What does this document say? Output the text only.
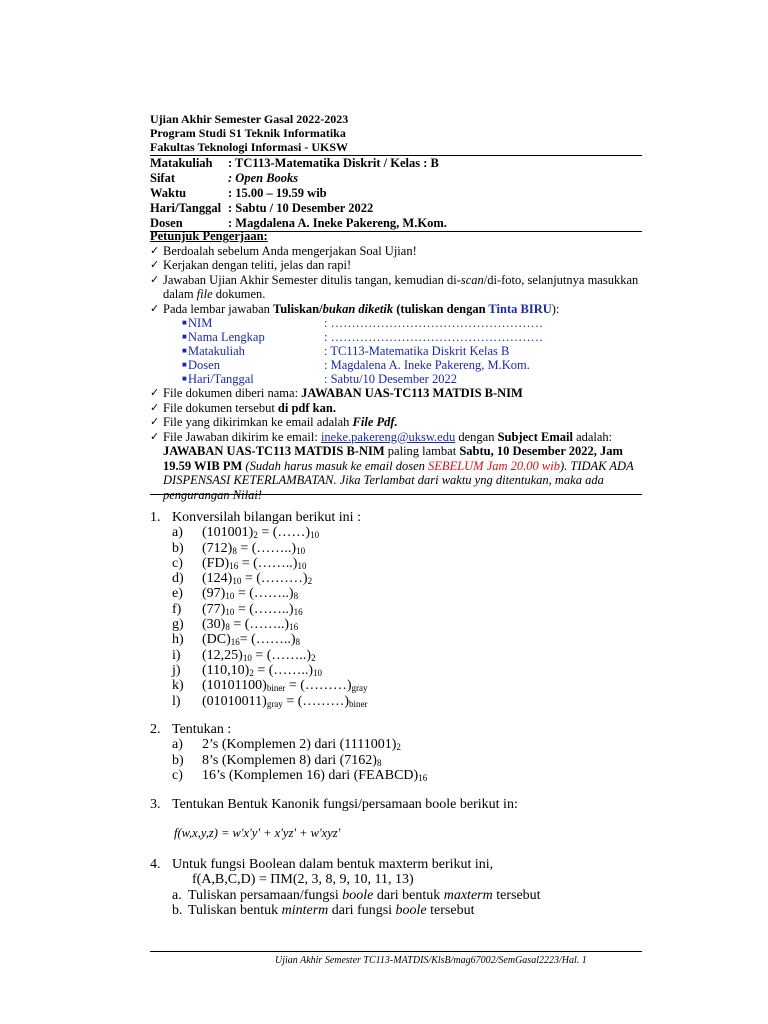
Ujian Akhir Semester Gasal 2022-2023
Program Studi S1 Teknik Informatika
Fakultas Teknologi Informasi - UKSW
Matakuliah : TC113-Matematika Diskrit / Kelas : B
Sifat	: Open Books
Waktu	: 15.00 – 19.59 wib
Hari/Tanggal : Sabtu / 10 Desember 2022
Dosen	: Magdalena A. Ineke Pakereng, M.Kom.
Petunjuk Pengerjaan:
✓ Berdoalah sebelum Anda mengerjakan Soal Ujian!
✓ Kerjakan dengan teliti, jelas dan rapi!
✓ Jawaban Ujian Akhir Semester ditulis tangan, kemudian di-scan/di-foto, selanjutnya masukkan dalam file dokumen.
✓ Pada lembar jawaban Tuliskan/bukan diketik (tuliskan dengan Tinta BIRU):
■ NIM	: ……………………………………………
■ Nama Lengkap	: ……………………………………………
■ Matakuliah	: TC113-Matematika Diskrit Kelas B
■ Dosen	: Magdalena A. Ineke Pakereng, M.Kom.
■ Hari/Tanggal	: Sabtu/10 Desember 2022
✓ File dokumen diberi nama: JAWABAN UAS-TC113 MATDIS B-NIM
✓ File dokumen tersebut di pdf kan.
✓ File yang dikirimkan ke email adalah File Pdf.
✓ File Jawaban dikirim ke email: ineke.pakereng@uksw.edu dengan Subject Email adalah:
JAWABAN UAS-TC113 MATDIS B-NIM paling lambat Sabtu, 10 Desember 2022, Jam 19.59 WIB PM (Sudah harus masuk ke email dosen SEBELUM Jam 20.00 wib). TIDAK ADA DISPENSASI KETERLAMBATAN. Jika Terlambat dari waktu yng ditentukan, maka ada pengurangan Nilai!
1. Konversilah bilangan berikut ini :
a) $(101001)_2$ = $(\dots\dots)_{10}$
b) $(712)_8$ = $(\dots\dots..)_{10}$
c) $(FD)_{16}$ = $(\dots\dots..)_{10}$
d) $(124)_{10}$ = $(\dots\dots\dots)_2$
e) $(97)_{10}$ = $(\dots\dots..)_8$
f) $(77)_{10}$ = $(\dots\dots..)_{16}$
g) $(30)_8$ = $(\dots\dots..)_{16}$
h) $(DC)_{16}=$ $(\dots\dots..)_8$
i) $(12,25)_{10}$ = $(\dots\dots..)_2$
j) $(110,10)_2$ = $(\dots\dots..)_{10}$
k) $(10101100)_{biner}$ = $(\dots\dots\dots)_{gray}$
l) $(01010011)_{gray}$ = $(\dots\dots\dots)_{biner}$
2. Tentukan :
a) 2’s (Komplemen 2) dari $(1111001)_2$
b) 8’s (Komplemen 8) dari $(7162)_8$
c) 16’s (Komplemen 16) dari $(FEABCD)_{16}$
3. Tentukan Bentuk Kanonik fungsi/persamaan boole berikut in:
f(w,x,y,z) = w'x'y' + x'yz' + w'xyz'
4. Untuk fungsi Boolean dalam bentuk maxterm berikut ini,
f(A,B,C,D) = ΠM(2, 3, 8, 9, 10, 11, 13)
a. Tuliskan persamaan/fungsi boole dari bentuk maxterm tersebut
b. Tuliskan bentuk minterm dari fungsi boole tersebut
Ujian Akhir Semester TC113-MATDIS/KlsB/mag67002/SemGasal2223/Hal. 1
